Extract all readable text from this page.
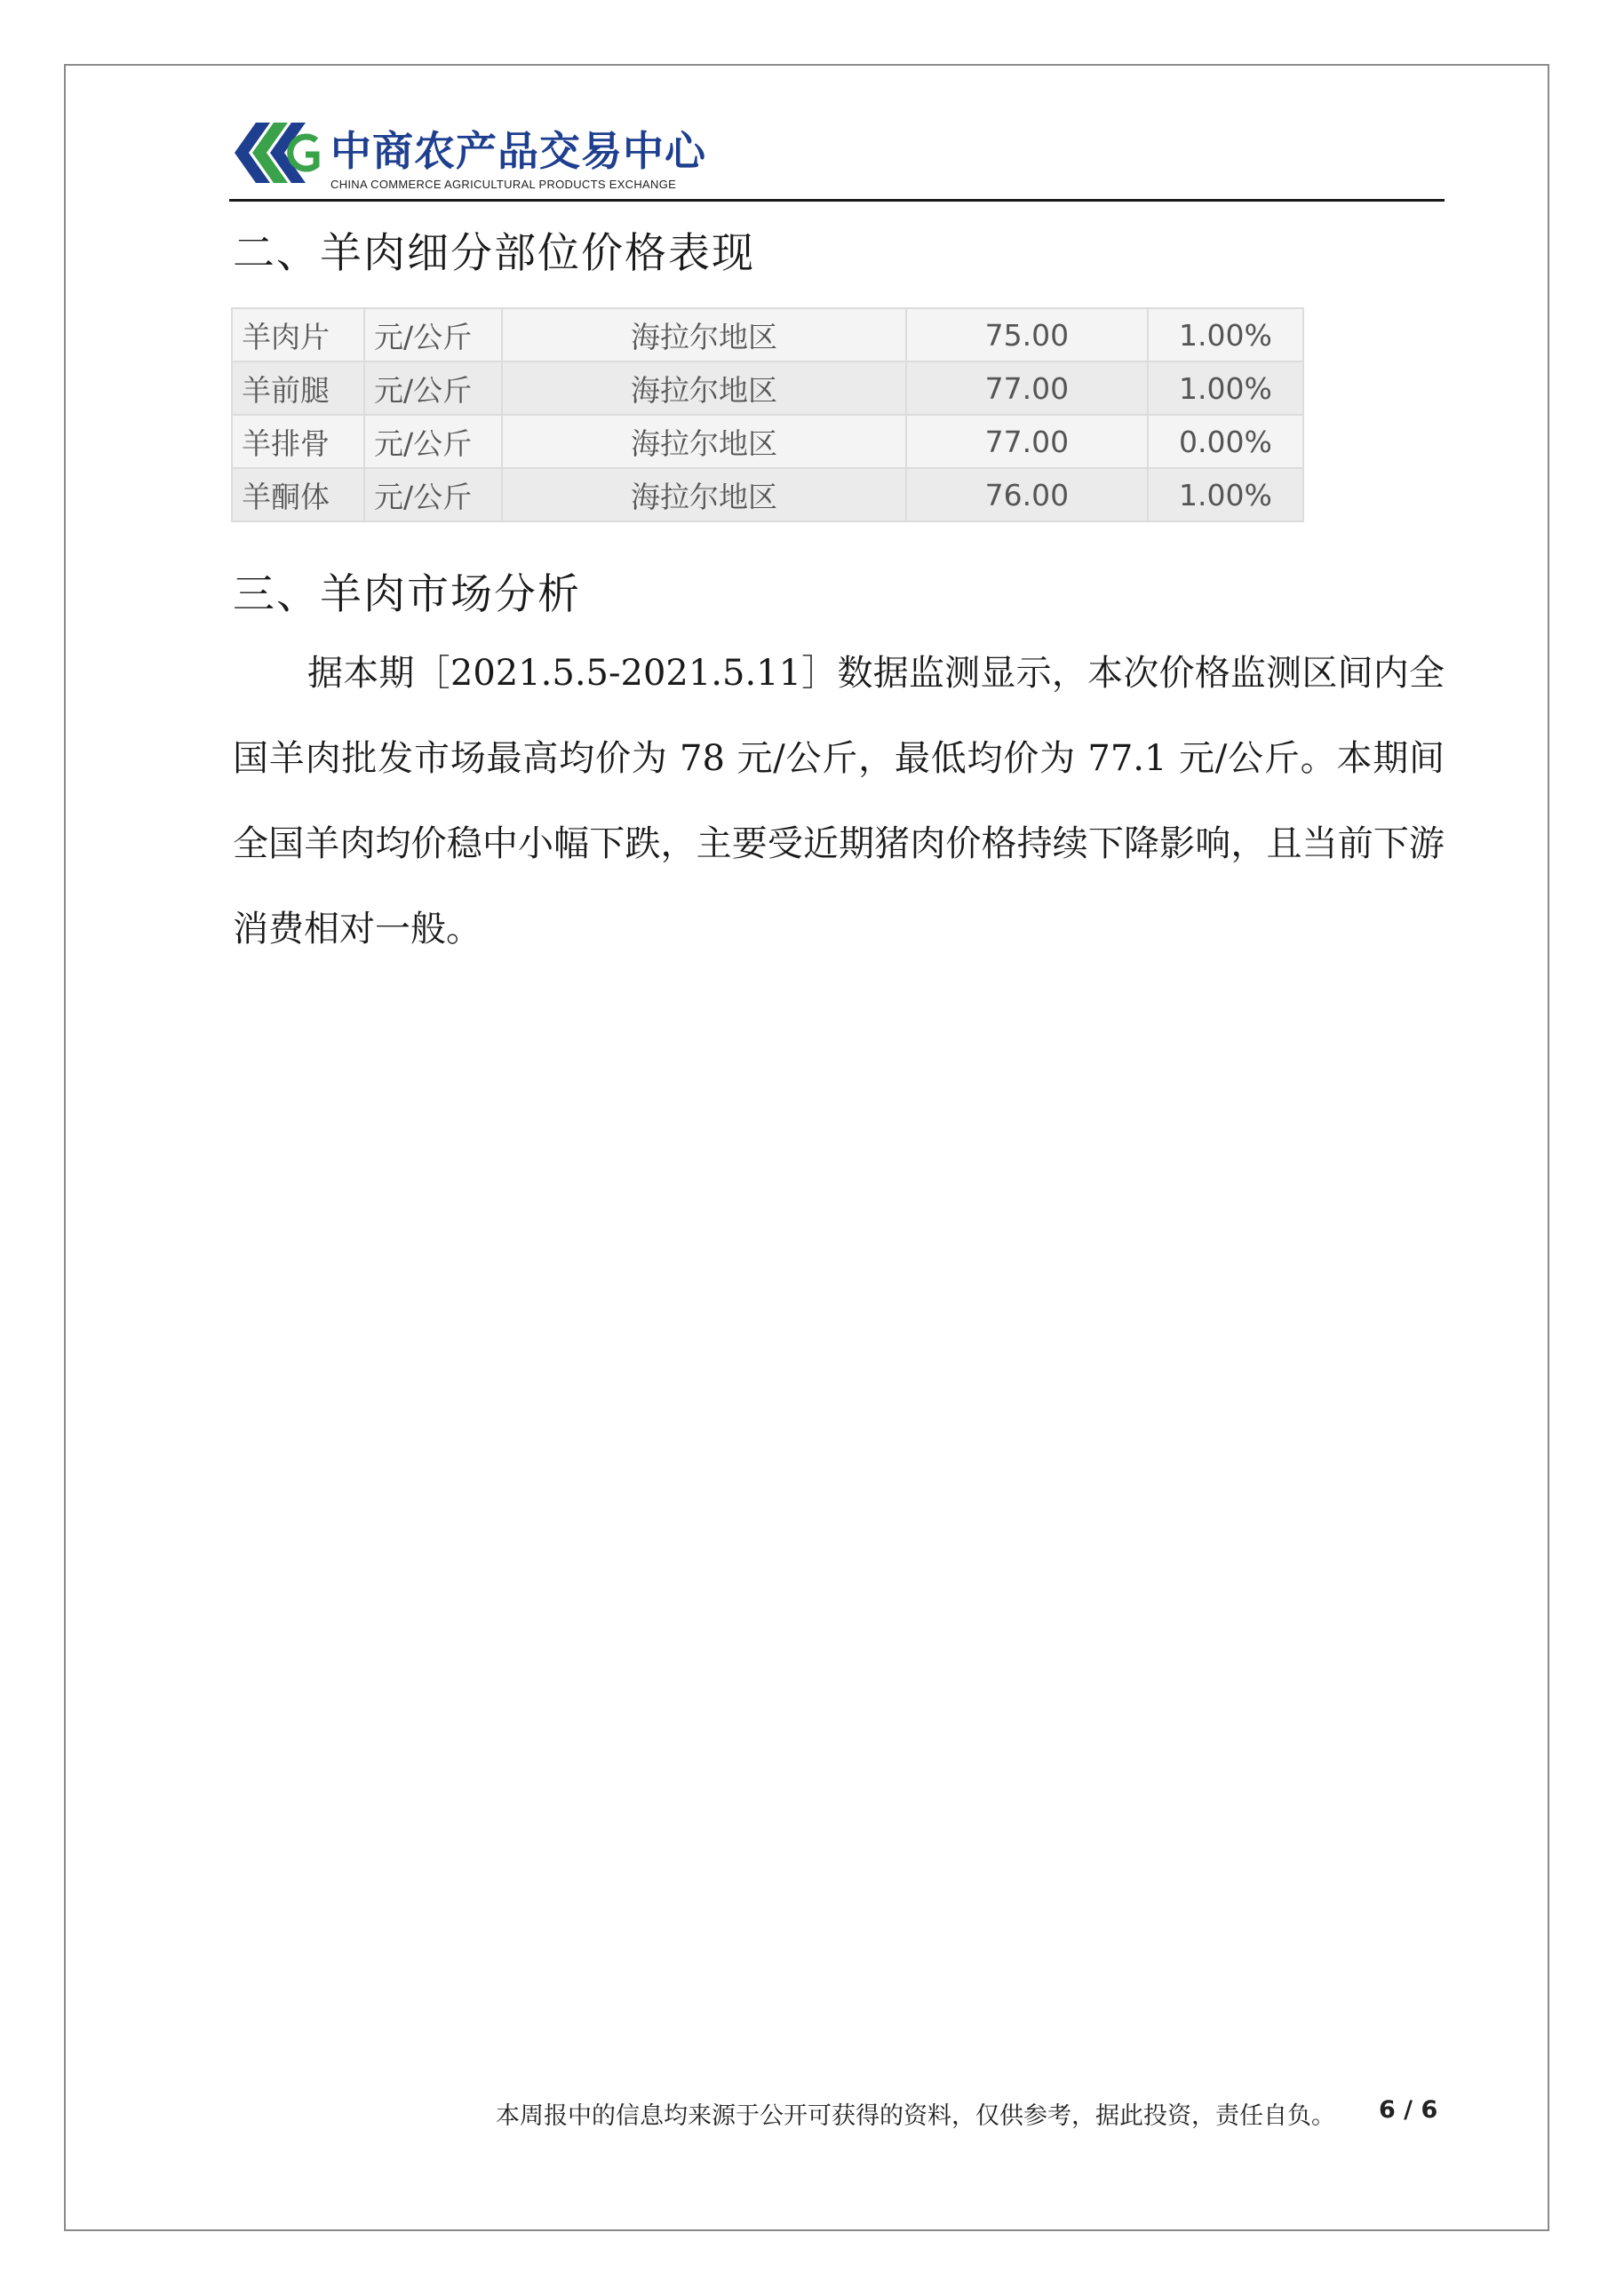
中商农产品交易中心
CHINA COMMERCE AGRICULTURAL PRODUCTS EXCHANGE
二、羊肉细分部位价格表现
羊肉片	元/公斤	海拉尔地区	75.00	1.00%
羊前腿	元/公斤	海拉尔地区	77.00	1.00%
羊排骨	元/公斤	海拉尔地区	77.00	0.00%
羊酮体	元/公斤	海拉尔地区	76.00	1.00%
三、羊肉市场分析

据本期［2021.5.5-2021.5.11］数据监测显示，本次价格监测区间内全国羊肉批发市场最高均价为 78 元/公斤，最低均价为 77.1 元/公斤。本期间全国羊肉均价稳中小幅下跌，主要受近期猪肉价格持续下降影响，且当前下游消费相对一般。

本周报中的信息均来源于公开可获得的资料，仅供参考，据此投资，责任自负。 6 / 6
